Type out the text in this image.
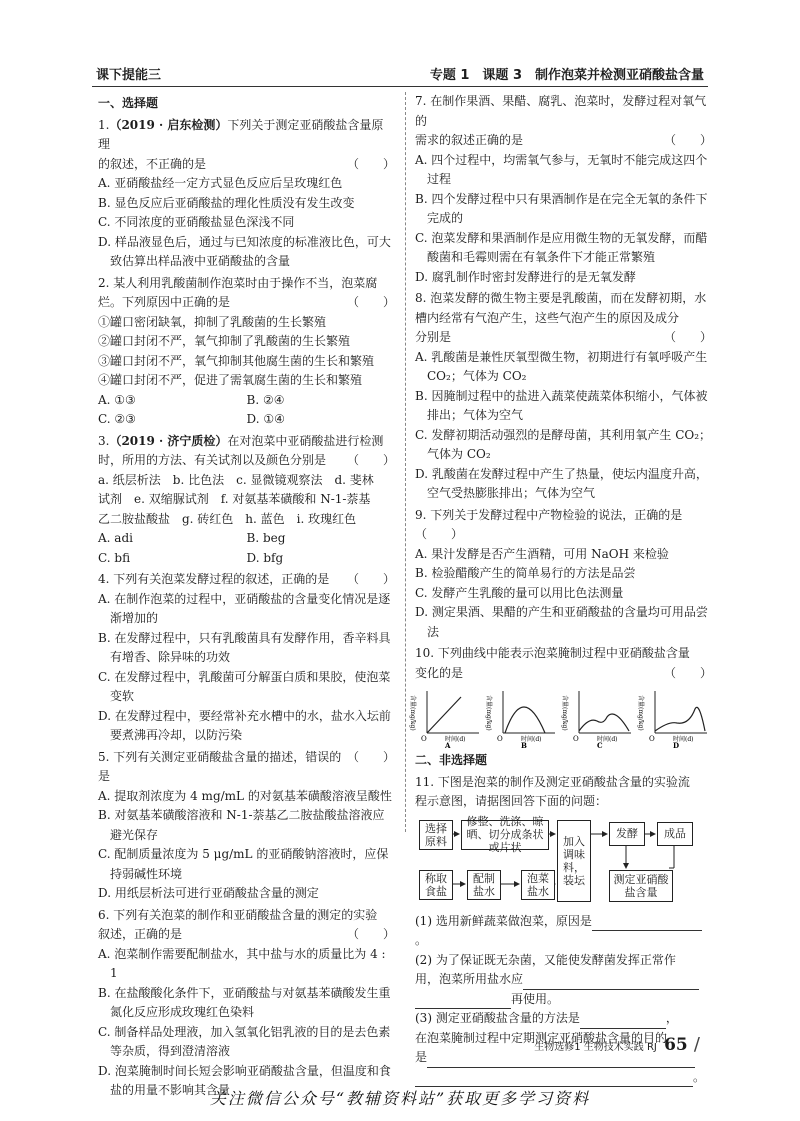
课下提能三	专题 1　课题 3　制作泡菜并检测亚硝酸盐含量
一、选择题
1.（2019 · 启东检测）下列关于测定亚硝酸盐含量原理
的叙述，不正确的是	（　　）
A. 亚硝酸盐经一定方式显色反应后呈玫瑰红色
B. 显色反应后亚硝酸盐的理化性质没有发生改变
C. 不同浓度的亚硝酸盐显色深浅不同
D. 样品液显色后，通过与已知浓度的标准液比色，可大致估算出样品液中亚硝酸盐的含量
2. 某人利用乳酸菌制作泡菜时由于操作不当，泡菜腐
烂。下列原因中正确的是	（　　）
①罐口密闭缺氧，抑制了乳酸菌的生长繁殖
②罐口封闭不严，氧气抑制了乳酸菌的生长繁殖
③罐口封闭不严，氧气抑制其他腐生菌的生长和繁殖
④罐口封闭不严，促进了需氧腐生菌的生长和繁殖
A. ①③	B. ②④
C. ②③	D. ①④
3.（2019 · 济宁质检）在对泡菜中亚硝酸盐进行检测
时，所用的方法、有关试剂以及颜色分别是 （　　）
a. 纸层析法　b. 比色法　c. 显微镜观察法　d. 斐林
试剂　e. 双缩脲试剂　f. 对氨基苯磺酸和 N-1-萘基
乙二胺盐酸盐　g. 砖红色　h. 蓝色　i. 玫瑰红色
A. adi	B. beg
C. bfi	D. bfg
4. 下列有关泡菜发酵过程的叙述，正确的是 （　　）
A. 在制作泡菜的过程中，亚硝酸盐的含量变化情况是逐渐增加的
B. 在发酵过程中，只有乳酸菌具有发酵作用，香辛料具有增香、除异味的功效
C. 在发酵过程中，乳酸菌可分解蛋白质和果胶，使泡菜变软
D. 在发酵过程中，要经常补充水槽中的水，盐水入坛前要煮沸再冷却，以防污染
5. 下列有关测定亚硝酸盐含量的描述，错误的是
（　　）
A. 提取剂浓度为 4 mg/mL 的对氨基苯磺酸溶液呈酸性
B. 对氨基苯磺酸溶液和 N-1-萘基乙二胺盐酸盐溶液应避光保存
C. 配制质量浓度为 5 μg/mL 的亚硝酸钠溶液时，应保持弱碱性环境
D. 用纸层析法可进行亚硝酸盐含量的测定
6. 下列有关泡菜的制作和亚硝酸盐含量的测定的实验
叙述，正确的是	（　　）
A. 泡菜制作需要配制盐水，其中盐与水的质量比为 4 : 1
B. 在盐酸酸化条件下，亚硝酸盐与对氨基苯磺酸发生重氮化反应形成玫瑰红色染料
C. 制备样品处理液，加入氢氧化铝乳液的目的是去色素等杂质，得到澄清溶液
D. 泡菜腌制时间长短会影响亚硝酸盐含量，但温度和食盐的用量不影响其含量
7. 在制作果酒、果醋、腐乳、泡菜时，发酵过程对氧气的
需求的叙述正确的是	（　　）
A. 四个过程中，均需氧气参与，无氧时不能完成这四个过程
B. 四个发酵过程中只有果酒制作是在完全无氧的条件下完成的
C. 泡菜发酵和果酒制作是应用微生物的无氧发酵，而醋酸菌和毛霉则需在有氧条件下才能正常繁殖
D. 腐乳制作时密封发酵进行的是无氧发酵
8. 泡菜发酵的微生物主要是乳酸菌，而在发酵初期，水
槽内经常有气泡产生，这些气泡产生的原因及成分
分别是	（　　）
A. 乳酸菌是兼性厌氧型微生物，初期进行有氧呼吸产生 CO₂；气体为 CO₂
B. 因腌制过程中的盐进入蔬菜使蔬菜体积缩小，气体被排出；气体为空气
C. 发酵初期活动强烈的是酵母菌，其利用氧产生 CO₂；气体为 CO₂
D. 乳酸菌在发酵过程中产生了热量，使坛内温度升高，空气受热膨胀排出；气体为空气
9. 下列关于发酵过程中产物检验的说法，正确的是（　　）
A. 果汁发酵是否产生酒精，可用 NaOH 来检验
B. 检验醋酸产生的简单易行的方法是品尝
C. 发酵产生乳酸的量可以用比色法测量
D. 测定果酒、果醋的产生和亚硝酸盐的含量均可用品尝法
10. 下列曲线中能表示泡菜腌制过程中亚硝酸盐含量
变化的是	（　　）
含量(mg/kg)
O	时间(d)
A
含量(mg/kg)
O	时间(d)
B
含量(mg/kg)
O	时间(d)
C
含量(mg/kg)
O	时间(d)
D
二、非选择题
11. 下图是泡菜的制作及测定亚硝酸盐含量的实验流
程示意图，请据图回答下面的问题：
选择原料
修整、洗涤、晾晒、切分成条状或片状	加入调味料，装坛
发酵	成品
称取食盐
配制盐水
泡菜盐水
测定亚硝酸盐含量
(1) 选用新鲜蔬菜做泡菜，原因是。
(2) 为了保证既无杂菌，又能使发酵菌发挥正常作
用，泡菜所用盐水应
再使用。
(3) 测定亚硝酸盐含量的方法是	，
在泡菜腌制过程中定期测定亚硝酸盐含量的目的
是
。
生物选修1 生物技术实践 RJ 65 /
关注微信公众号“教辅资料站”获取更多学习资料
